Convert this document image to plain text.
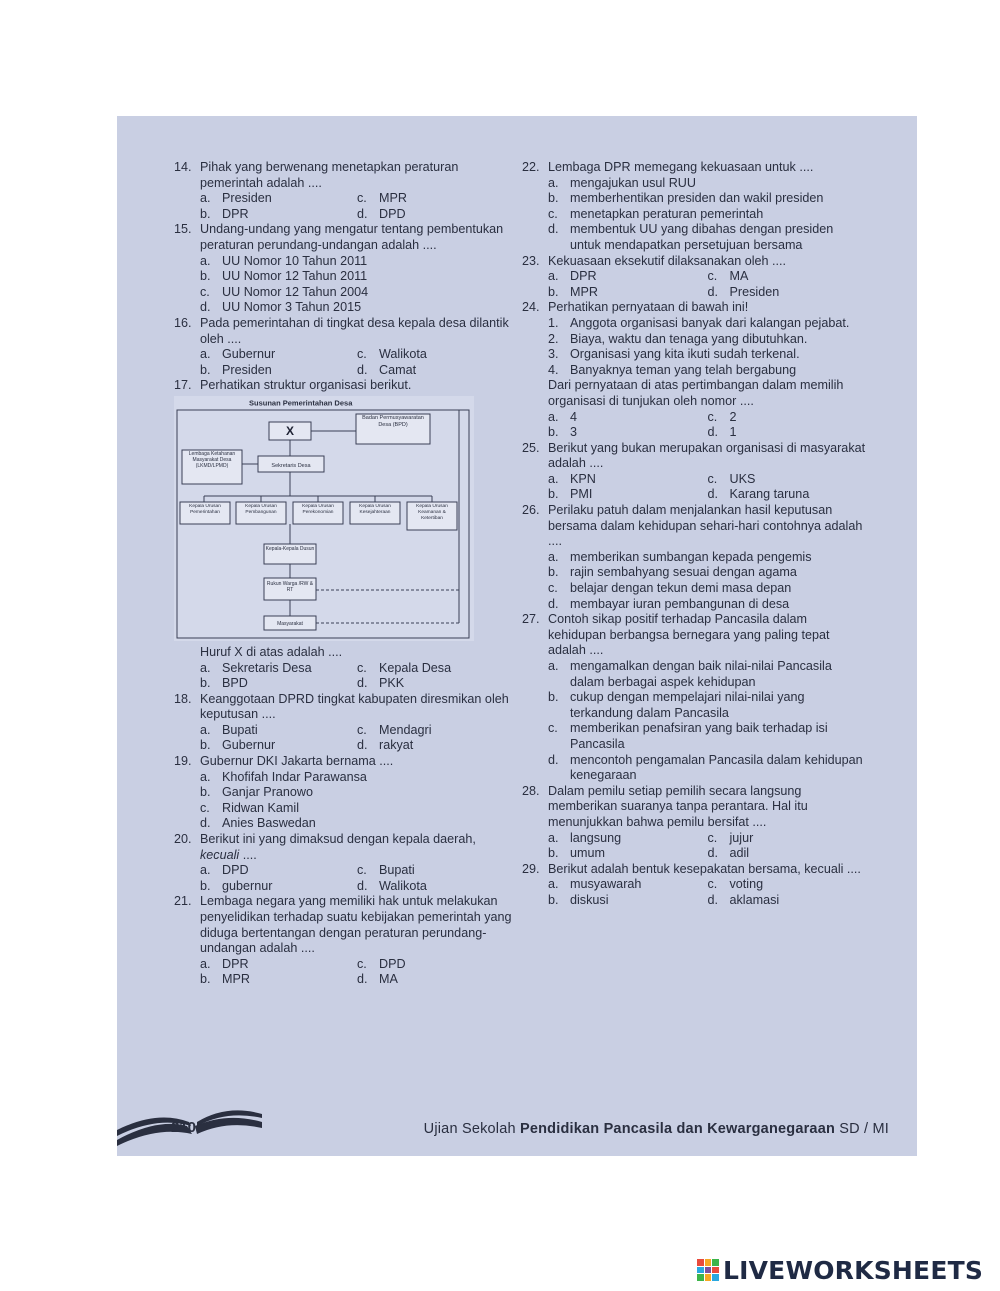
14. Pihak yang berwenang menetapkan peraturan pemerintah adalah ....
a. Presiden	c. MPR
b. DPR	d. DPD
15. Undang-undang yang mengatur tentang pembentukan peraturan perundang-undangan adalah ....
a. UU Nomor 10 Tahun 2011
b. UU Nomor 12 Tahun 2011
c. UU Nomor 12 Tahun 2004
d. UU Nomor 3 Tahun 2015
16. Pada pemerintahan di tingkat desa kepala desa dilantik oleh ....
a. Gubernur	c. Walikota
b. Presiden	d. Camat
17. Perhatikan struktur organisasi berikut.
Susunan Pemerintahan Desa
X
Badan Permusyawaratan Desa (BPD)
Lembaga Ketahanan Masyarakat Desa (LKMD/LPMD)	Sekretaris Desa
Kepala Urusan Pemerintahan
Kepala Urusan Pembangunan
Kepala Urusan Perekonomian
Kepala Urusan Kesejahteraan
Kepala Urusan Keamanan & Ketertiban
Kepala-Kepala Dusun
Rukun Warga /RW & RT
Masyarakat
Huruf X di atas adalah ....
a. Sekretaris Desa	c. Kepala Desa
b. BPD	d. PKK
18. Keanggotaan DPRD tingkat kabupaten diresmikan oleh keputusan ....
a. Bupati	c. Mendagri
b. Gubernur	d. rakyat
19. Gubernur DKI Jakarta bernama ....
a. Khofifah Indar Parawansa
b. Ganjar Pranowo
c. Ridwan Kamil
d. Anies Baswedan
20. Berikut ini yang dimaksud dengan kepala daerah, kecuali ....
a. DPD	c. Bupati
b. gubernur	d. Walikota
21. Lembaga negara yang memiliki hak untuk melakukan penyelidikan terhadap suatu kebijakan pemerintah yang diduga bertentangan dengan peraturan perundang-undangan adalah ....
a. DPR	c. DPD
b. MPR	d. MA
22. Lembaga DPR memegang kekuasaan untuk ....
a. mengajukan usul RUU
b. memberhentikan presiden dan wakil presiden
c. menetapkan peraturan pemerintah
d. membentuk UU yang dibahas dengan presiden untuk mendapatkan persetujuan bersama
23. Kekuasaan eksekutif dilaksanakan oleh ....
a. DPR	c. MA
b. MPR	d. Presiden
24. Perhatikan pernyataan di bawah ini!
1. Anggota organisasi banyak dari kalangan pejabat.
2. Biaya, waktu dan tenaga yang dibutuhkan.
3. Organisasi yang kita ikuti sudah terkenal.
4. Banyaknya teman yang telah bergabung
Dari pernyataan di atas pertimbangan dalam memilih organisasi di tunjukan oleh nomor ....
a. 4	c. 2
b. 3	d. 1
25. Berikut yang bukan merupakan organisasi di masyarakat adalah ....
a. KPN	c. UKS
b. PMI	d. Karang taruna
26. Perilaku patuh dalam menjalankan hasil keputusan bersama dalam kehidupan sehari-hari contohnya adalah ....
a. memberikan sumbangan kepada pengemis
b. rajin sembahyang sesuai dengan agama
c. belajar dengan tekun demi masa depan
d. membayar iuran pembangunan di desa
27. Contoh sikap positif terhadap Pancasila dalam kehidupan berbangsa bernegara yang paling tepat adalah ....
a. mengamalkan dengan baik nilai-nilai Pancasila dalam berbagai aspek kehidupan
b. cukup dengan mempelajari nilai-nilai yang terkandung dalam Pancasila
c. memberikan penafsiran yang baik terhadap isi Pancasila
d. mencontoh pengamalan Pancasila dalam kehidupan kenegaraan
28. Dalam pemilu setiap pemilih secara langsung memberikan suaranya tanpa perantara. Hal itu menunjukkan bahwa pemilu bersifat ....
a. langsung	c. jujur
b. umum	d. adil
29. Berikut adalah bentuk kesepakatan bersama, kecuali ....
a. musyawarah	c. voting
b. diskusi	d. aklamasi
210	Ujian Sekolah Pendidikan Pancasila dan Kewarganegaraan SD / MI
LIVEWORKSHEETS
